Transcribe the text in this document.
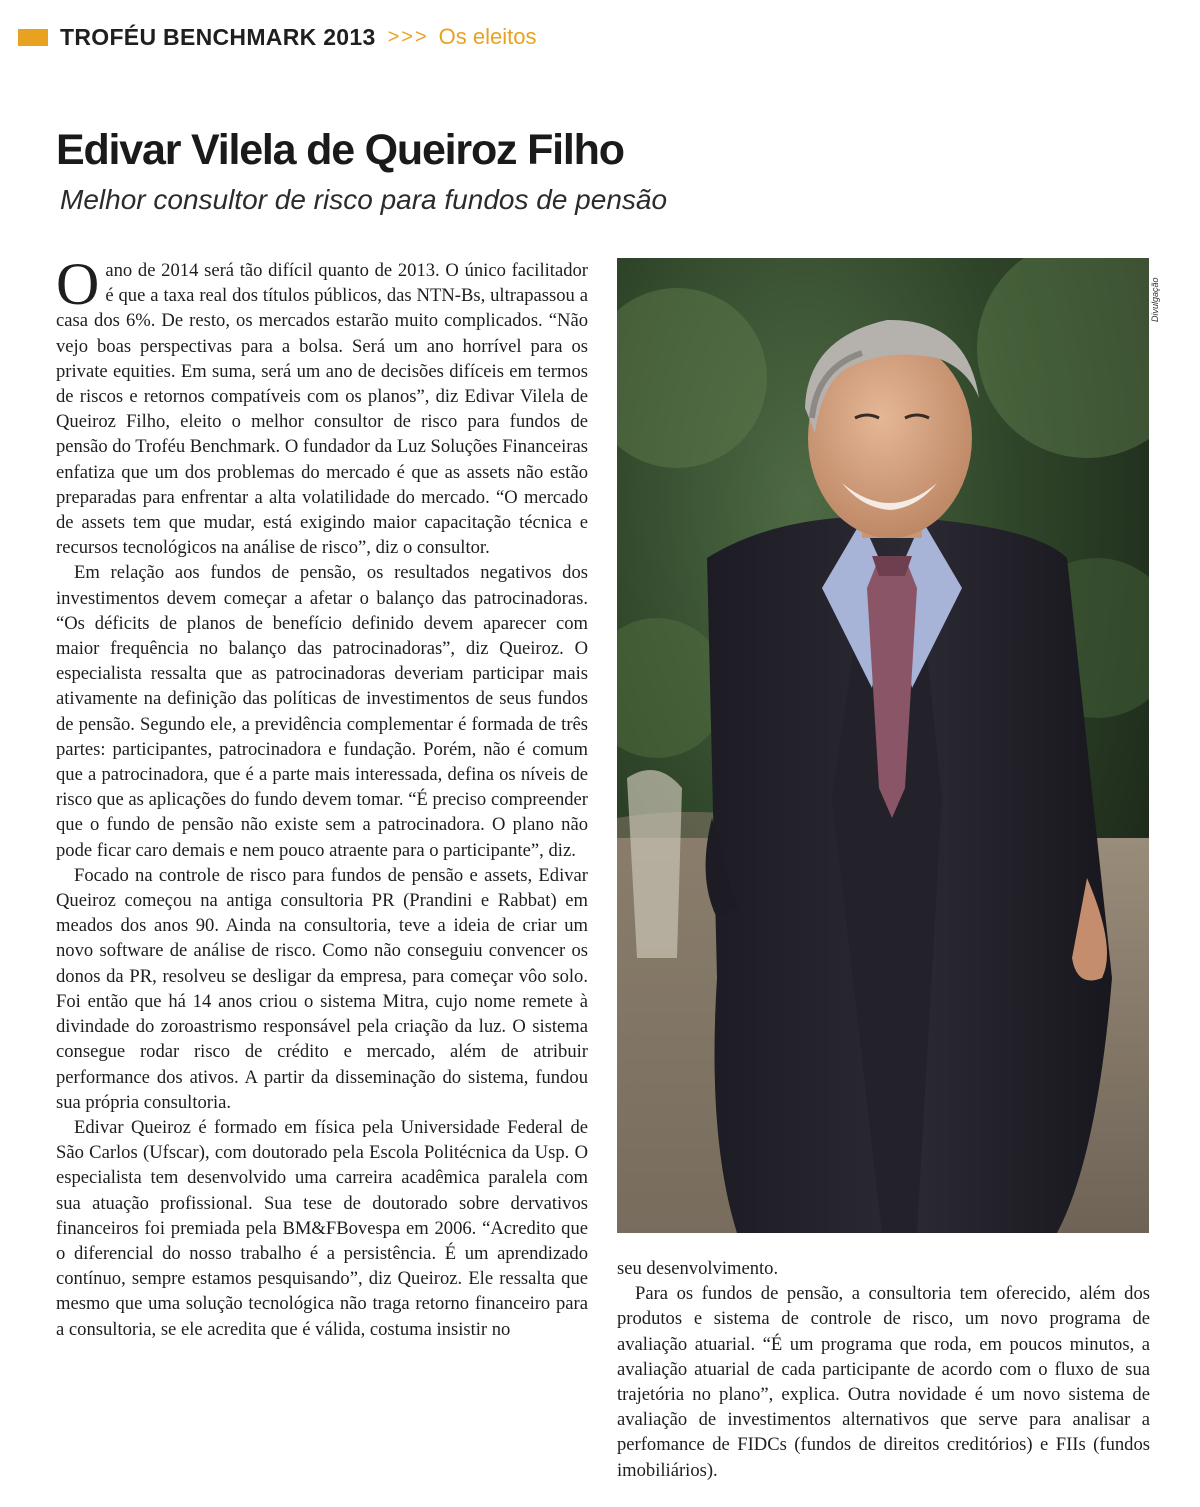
TROFÉU BENCHMARK 2013 >>> Os eleitos
Edivar Vilela de Queiroz Filho
Melhor consultor de risco para fundos de pensão

Oano de 2014 será tão difícil quanto de 2013. O único facilitador é que a taxa real dos títulos públicos, das NTN-Bs, ultrapassou a casa dos 6%. De resto, os mercados estarão muito complicados. “Não vejo boas perspectivas para a bolsa. Será um ano horrível para os private equities. Em suma, será um ano de decisões difíceis em termos de riscos e retornos compatíveis com os planos”, diz Edivar Vilela de Queiroz Filho, eleito o melhor consultor de risco para fundos de pensão do Troféu Benchmark. O fundador da Luz Soluções Financeiras enfatiza que um dos problemas do mercado é que as assets não estão preparadas para enfrentar a alta volatilidade do mercado. “O mercado de assets tem que mudar, está exigindo maior capacitação técnica e recursos tecnológicos na análise de risco”, diz o consultor.

Em relação aos fundos de pensão, os resultados negativos dos investimentos devem começar a afetar o balanço das patrocinadoras. “Os déficits de planos de benefício definido devem aparecer com maior frequência no balanço das patrocinadoras”, diz Queiroz. O especialista ressalta que as patrocinadoras deveriam participar mais ativamente na definição das políticas de investimentos de seus fundos de pensão. Segundo ele, a previdência complementar é formada de três partes: participantes, patrocinadora e fundação. Porém, não é comum que a patrocinadora, que é a parte mais interessada, defina os níveis de risco que as aplicações do fundo devem tomar. “É preciso compreender que o fundo de pensão não existe sem a patrocinadora. O plano não pode ficar caro demais e nem pouco atraente para o participante”, diz.

Focado na controle de risco para fundos de pensão e assets, Edivar Queiroz começou na antiga consultoria PR (Prandini e Rabbat) em meados dos anos 90. Ainda na consultoria, teve a ideia de criar um novo software de análise de risco. Como não conseguiu convencer os donos da PR, resolveu se desligar da empresa, para começar vôo solo. Foi então que há 14 anos criou o sistema Mitra, cujo nome remete à divindade do zoroastrismo responsável pela criação da luz. O sistema consegue rodar risco de crédito e mercado, além de atribuir performance dos ativos. A partir da disseminação do sistema, fundou sua própria consultoria.

Edivar Queiroz é formado em física pela Universidade Federal de São Carlos (Ufscar), com doutorado pela Escola Politécnica da Usp. O especialista tem desenvolvido uma carreira acadêmica paralela com sua atuação profissional. Sua tese de doutorado sobre dervativos financeiros foi premiada pela BM&FBovespa em 2006. “Acredito que o diferencial do nosso trabalho é a persistência. É um aprendizado contínuo, sempre estamos pesquisando”, diz Queiroz. Ele ressalta que mesmo que uma solução tecnológica não traga retorno financeiro para a consultoria, se ele acredita que é válida, costuma insistir no

Divulgação

seu desenvolvimento.

Para os fundos de pensão, a consultoria tem oferecido, além dos produtos e sistema de controle de risco, um novo programa de avaliação atuarial. “É um programa que roda, em poucos minutos, a avaliação atuarial de cada participante de acordo com o fluxo de sua trajetória no plano”, explica. Outra novidade é um novo sistema de avaliação de investimentos alternativos que serve para analisar a perfomance de FIDCs (fundos de direitos creditórios) e FIIs (fundos imobiliários).
